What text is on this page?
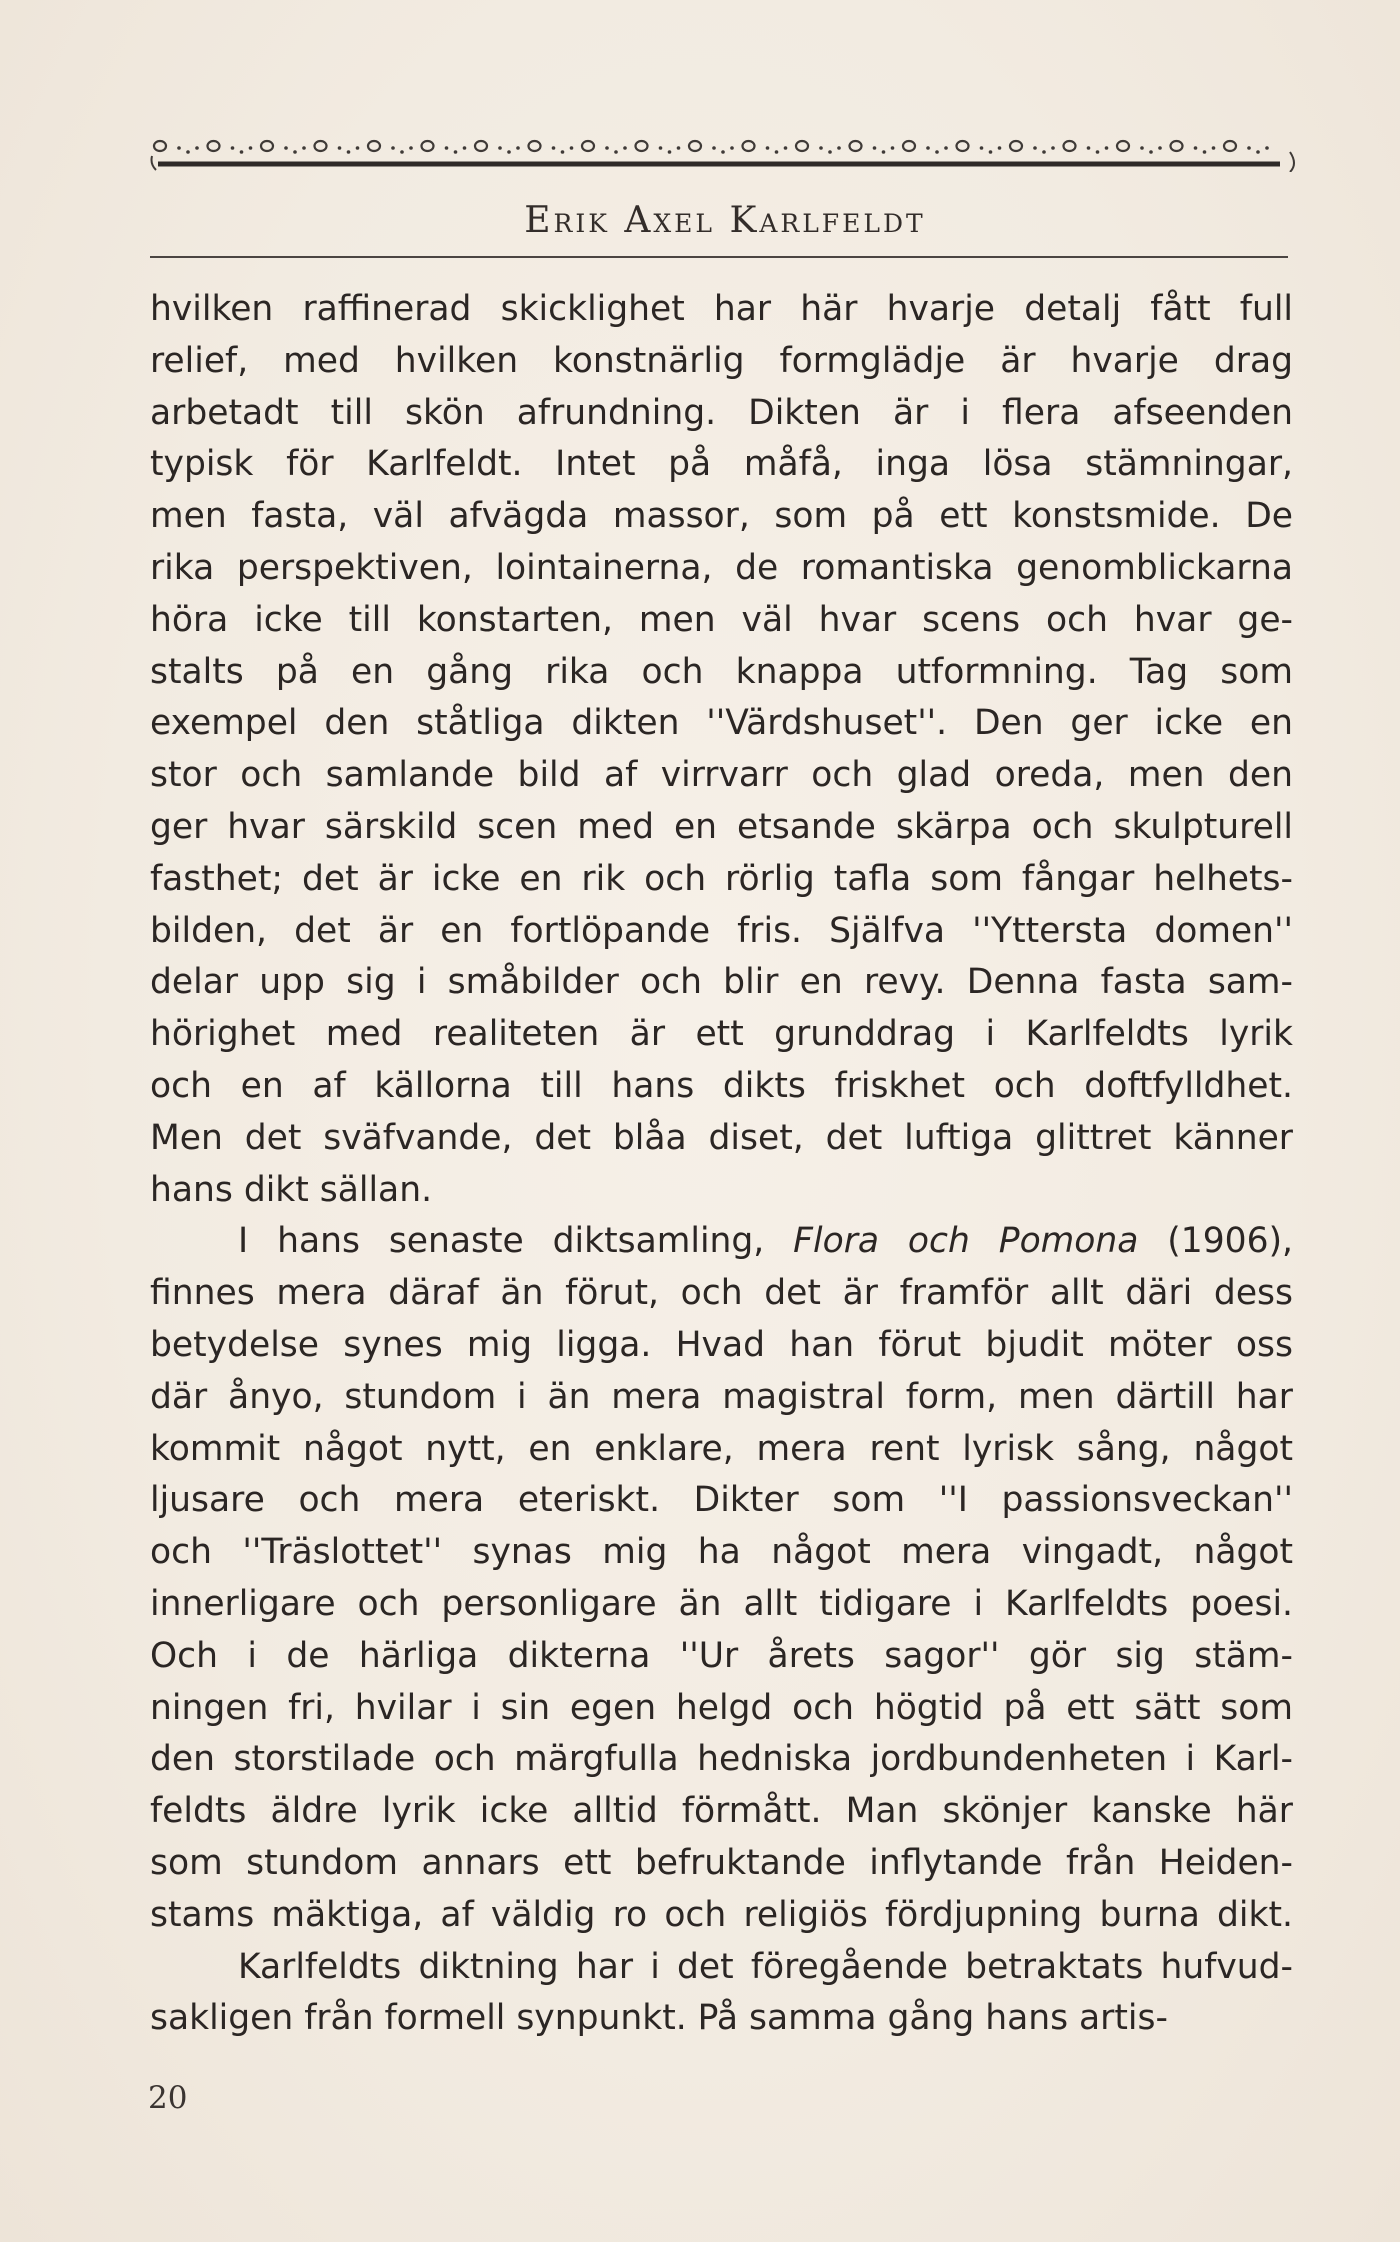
Erik Axel Karlfeldt
hvilken raffinerad skicklighet har här hvarje detalj fått full
relief, med hvilken konstnärlig formglädje är hvarje drag
arbetadt till skön afrundning. Dikten är i flera afseenden
typisk för Karlfeldt. Intet på måfå, inga lösa stämningar,
men fasta, väl afvägda massor, som på ett konstsmide. De
rika perspektiven, lointainerna, de romantiska genomblickarna
höra icke till konstarten, men väl hvar scens och hvar ge-
stalts på en gång rika och knappa utformning. Tag som
exempel den ståtliga dikten ''Värdshuset''. Den ger icke en
stor och samlande bild af virrvarr och glad oreda, men den
ger hvar särskild scen med en etsande skärpa och skulpturell
fasthet; det är icke en rik och rörlig tafla som fångar helhets-
bilden, det är en fortlöpande fris. Själfva ''Yttersta domen''
delar upp sig i småbilder och blir en revy. Denna fasta sam-
hörighet med realiteten är ett grunddrag i Karlfeldts lyrik
och en af källorna till hans dikts friskhet och doftfylldhet.
Men det sväfvande, det blåa diset, det luftiga glittret känner
hans dikt sällan.
I hans senaste diktsamling, Flora och Pomona (1906),
finnes mera däraf än förut, och det är framför allt däri dess
betydelse synes mig ligga. Hvad han förut bjudit möter oss
där ånyo, stundom i än mera magistral form, men därtill har
kommit något nytt, en enklare, mera rent lyrisk sång, något
ljusare och mera eteriskt. Dikter som ''I passionsveckan''
och ''Träslottet'' synas mig ha något mera vingadt, något
innerligare och personligare än allt tidigare i Karlfeldts poesi.
Och i de härliga dikterna ''Ur årets sagor'' gör sig stäm-
ningen fri, hvilar i sin egen helgd och högtid på ett sätt som
den storstilade och märgfulla hedniska jordbundenheten i Karl-
feldts äldre lyrik icke alltid förmått. Man skönjer kanske här
som stundom annars ett befruktande inflytande från Heiden-
stams mäktiga, af väldig ro och religiös fördjupning burna dikt.
Karlfeldts diktning har i det föregående betraktats hufvud-
sakligen från formell synpunkt. På samma gång hans artis-
20
